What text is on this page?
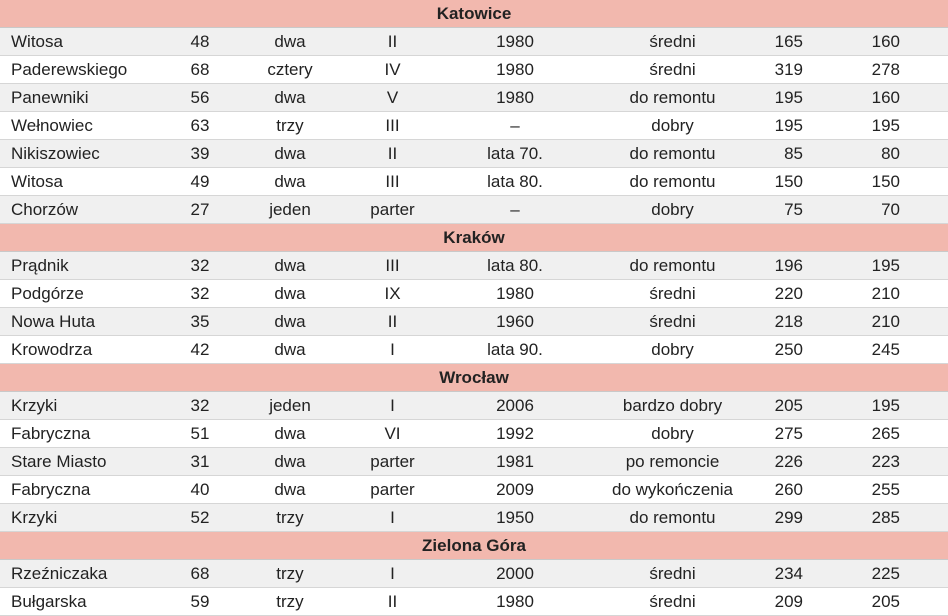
Katowice							
Witosa	48	dwa	II	1980	średni	165	160
Paderewskiego	68	cztery	IV	1980	średni	319	278
Panewniki	56	dwa	V	1980	do remontu	195	160
Wełnowiec	63	trzy	III	–	dobry	195	195
Nikiszowiec	39	dwa	II	lata 70.	do remontu	85	80
Witosa	49	dwa	III	lata 80.	do remontu	150	150
Chorzów	27	jeden	parter	–	dobry	75	70
Kraków							
Prądnik	32	dwa	III	lata 80.	do remontu	196	195
Podgórze	32	dwa	IX	1980	średni	220	210
Nowa Huta	35	dwa	II	1960	średni	218	210
Krowodrza	42	dwa	I	lata 90.	dobry	250	245
Wrocław							
Krzyki	32	jeden	I	2006	bardzo dobry	205	195
Fabryczna	51	dwa	VI	1992	dobry	275	265
Stare Miasto	31	dwa	parter	1981	po remoncie	226	223
Fabryczna	40	dwa	parter	2009	do wykończenia	260	255
Krzyki	52	trzy	I	1950	do remontu	299	285
Zielona Góra							
Rzeźniczaka	68	trzy	I	2000	średni	234	225
Bułgarska	59	trzy	II	1980	średni	209	205
